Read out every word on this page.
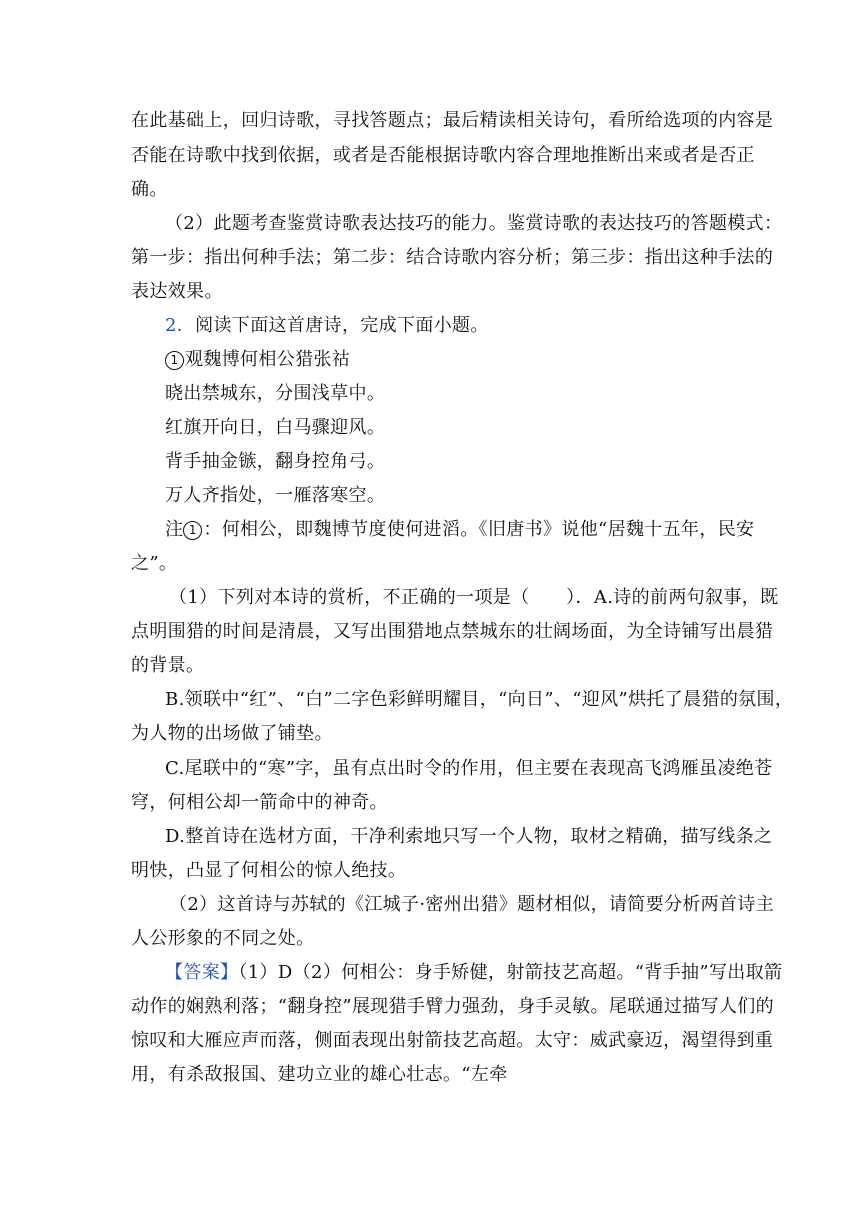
在此基础上，回归诗歌，寻找答题点；最后精读相关诗句，看所给选项的内容是
否能在诗歌中找到依据，或者是否能根据诗歌内容合理地推断出来或者是否正
确。
（2）此题考查鉴赏诗歌表达技巧的能力。鉴赏诗歌的表达技巧的答题模式：
第一步：指出何种手法；第二步：结合诗歌内容分析；第三步：指出这种手法的
表达效果。
2．阅读下面这首唐诗，完成下面小题。
1 观魏博何相公猎张祜
晓出禁城东，分围浅草中。
红旗开向日，白马骤迎风。
背手抽金镞，翻身控角弓。
万人齐指处，一雁落寒空。
注 1 ：何相公，即魏博节度使何进滔。《旧唐书》说他“居魏十五年，民安
之”。
（1）下列对本诗的赏析，不正确的一项是（　　）．A.诗的前两句叙事，既
点明围猎的时间是清晨，又写出围猎地点禁城东的壮阔场面，为全诗铺写出晨猎
的背景。
B.领联中“红”、“白”二字色彩鲜明耀目，“向日”、“迎风”烘托了晨猎的氛围，
为人物的出场做了铺垫。
C.尾联中的“寒”字，虽有点出时令的作用，但主要在表现高飞鸿雁虽凌绝苍
穹，何相公却一箭命中的神奇。
D.整首诗在选材方面，干净利索地只写一个人物，取材之精确，描写线条之
明快，凸显了何相公的惊人绝技。
（2）这首诗与苏轼的《江城子·密州出猎》题材相似，请简要分析两首诗主
人公形象的不同之处。
【答案】（1）D（2）何相公：身手矫健，射箭技艺高超。“背手抽”写出取箭
动作的娴熟利落；“翻身控”展现猎手臂力强劲，身手灵敏。尾联通过描写人们的
惊叹和大雁应声而落，侧面表现出射箭技艺高超。太守：威武豪迈，渴望得到重
用，有杀敌报国、建功立业的雄心壮志。“左牵
